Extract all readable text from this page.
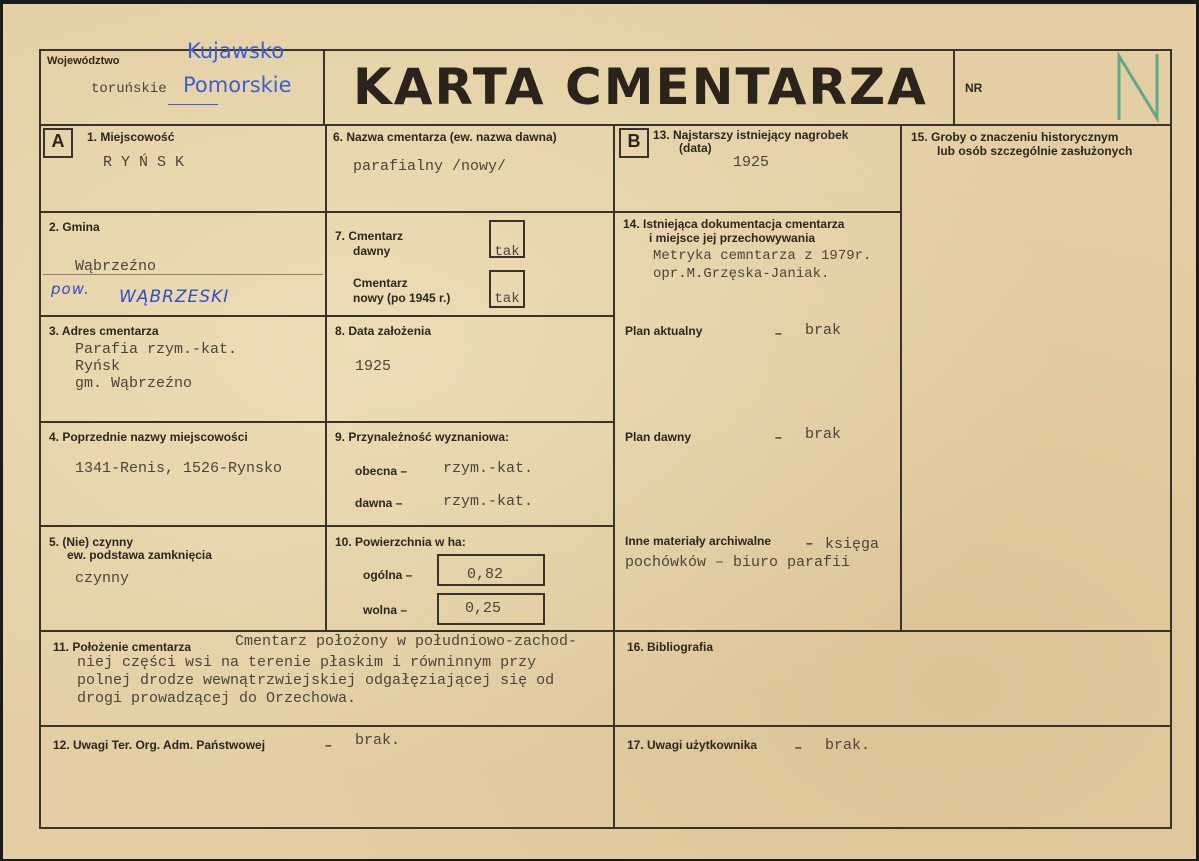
Województwo
toruńskie
Kujawsko
Pomorskie KARTA CMENTARZA	NR
A	1. Miejscowość
R Y Ń S K
2. Gmina
Wąbrzeźno
pow. WĄBRZESKI
3. Adres cmentarza
Parafia rzym.-kat.
Ryńsk
gm. Wąbrzeźno
4. Poprzednie nazwy miejscowości
1341-Renis, 1526-Rynsko
5. (Nie) czynny
ew. podstawa zamknięcia
czynny
6. Nazwa cmentarza (ew. nazwa dawna)
parafialny /nowy/
7. Cmentarz
dawny	tak
Cmentarz
nowy (po 1945 r.)	tak
8. Data założenia
1925
9. Przynależność wyznaniowa:
obecna – rzym.-kat.
dawna –	rzym.-kat.
10. Powierzchnia w ha:
ogólna –	0,82
wolna –	0,25
B	13. Najstarszy istniejący nagrobek
(data)
1925
14. Istniejąca dokumentacja cmentarza
i miejsce jej przechowywania
Metryka cemntarza z 1979r.
opr.M.Grzęska-Janiak.
Plan aktualny	– brak
Plan dawny	– brak
Inne materiały archiwalne	– księga
pochówków – biuro parafii
15. Groby o znaczeniu historycznym
lub osób szczególnie zasłużonych
11. Położenie cmentarza	Cmentarz położony w południowo-zachod-
niej części wsi na terenie płaskim i równinnym przy
polnej drodze wewnątrzwiejskiej odgałęziającej się od
drogi prowadzącej do Orzechowa.
16. Bibliografia
12. Uwagi Ter. Org. Adm. Państwowej	– brak.	17. Uwagi użytkownika	– brak.
